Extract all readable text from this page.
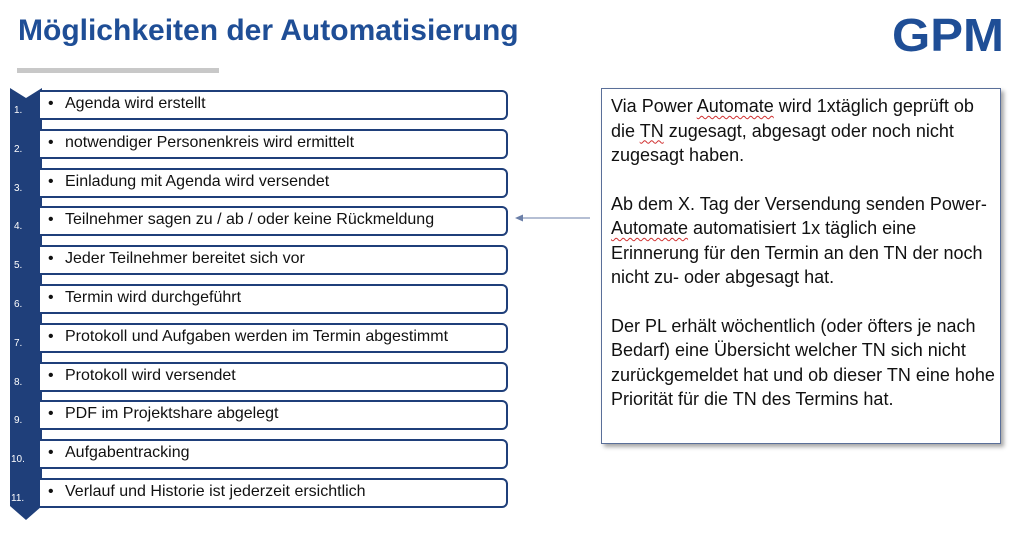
Möglichkeiten der Automatisierung	GPM
• Agenda wird erstellt
1.
• notwendiger Personenkreis wird ermittelt
2.
• Einladung mit Agenda wird versendet
3.
• Teilnehmer sagen zu / ab / oder keine Rückmeldung
4.
• Jeder Teilnehmer bereitet sich vor
5.
• Termin wird durchgeführt
6.
• Protokoll und Aufgaben werden im Termin abgestimmt
7.
• Protokoll wird versendet
8.
• PDF im Projektshare abgelegt
9.
• Aufgabentracking
10.
• Verlauf und Historie ist jederzeit ersichtlich
11.

Via Power Automate wird 1xtäglich geprüft ob die TN zugesagt, abgesagt oder noch nicht zugesagt haben.

Ab dem X. Tag der Versendung senden Power-Automate automatisiert 1x täglich eine Erinnerung für den Termin an den TN der noch nicht zu- oder abgesagt hat.

Der PL erhält wöchentlich (oder öfters je nach Bedarf) eine Übersicht welcher TN sich nicht zurückgemeldet hat und ob dieser TN eine hohe Priorität für die TN des Termins hat.
